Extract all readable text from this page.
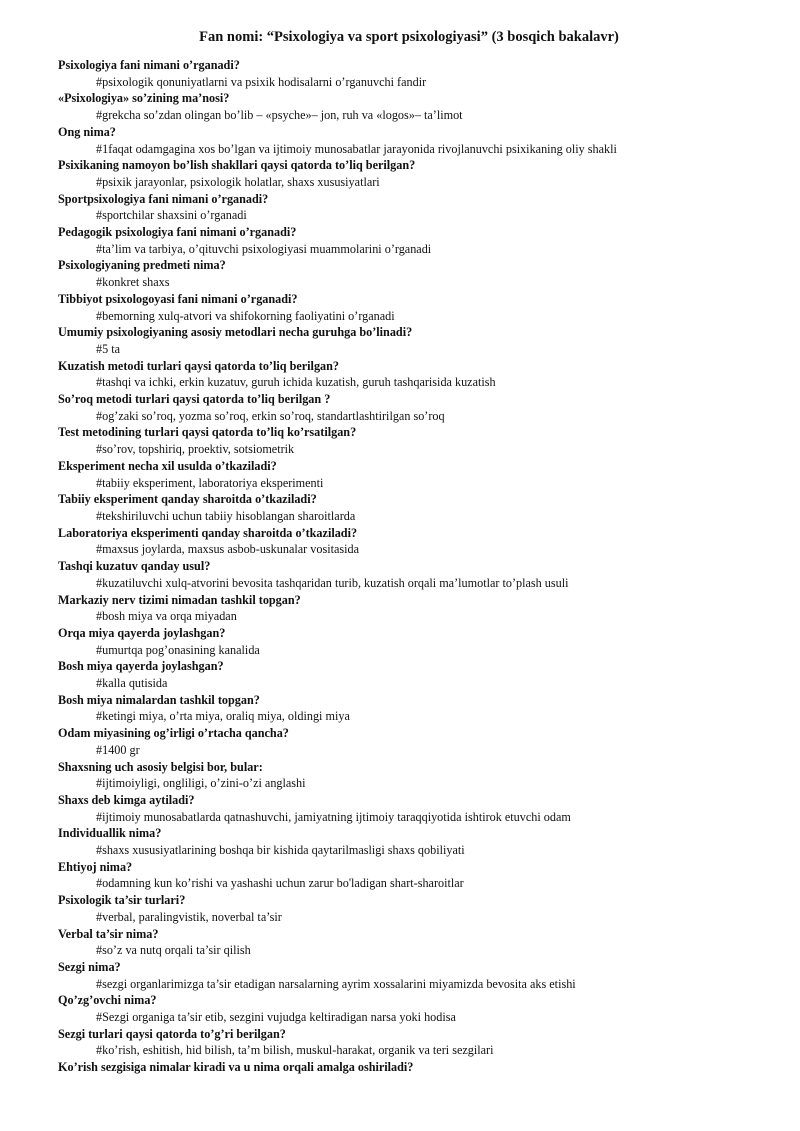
Fan nomi: “Psixologiya va sport psixologiyasi” (3 bosqich bakalavr)
Psixologiya fani nimani o’rganadi?
#psixologik qonuniyatlarni va psixik hodisalarni o’rganuvchi fandir
«Psixologiya» so’zining ma’nosi?
#grekcha so’zdan olingan bo’lib – «psyche»– jon, ruh va «logos»– ta’limot
Ong nima?
#1faqat odamgagina xos bo’lgan va ijtimoiy munosabatlar jarayonida rivojlanuvchi psixikaning oliy shakli
Psixikaning namoyon bo’lish shakllari qaysi qatorda to’liq berilgan?
#psixik jarayonlar, psixologik holatlar, shaxs xususiyatlari
Sportpsixologiya fani nimani o’rganadi?
#sportchilar shaxsini o’rganadi
Pedagogik psixologiya fani nimani o’rganadi?
#ta’lim va tarbiya, o’qituvchi psixologiyasi muammolarini o’rganadi
Psixologiyaning predmeti nima?
#konkret shaxs
Tibbiyot psixologoyasi fani nimani o’rganadi?
#bemorning xulq-atvori va shifokorning faoliyatini o’rganadi
Umumiy psixologiyaning asosiy metodlari necha guruhga bo’linadi?
#5 ta
Kuzatish metodi turlari qaysi qatorda to’liq berilgan?
#tashqi va ichki, erkin kuzatuv, guruh ichida kuzatish, guruh tashqarisida kuzatish
So’roq metodi turlari qaysi qatorda to’liq berilgan ?
#og’zaki so’roq, yozma so’roq, erkin so’roq, standartlashtirilgan so’roq
Test metodining turlari qaysi qatorda to’liq ko’rsatilgan?
#so’rov, topshiriq, proektiv, sotsiometrik
Eksperiment necha xil usulda o’tkaziladi?
#tabiiy eksperiment, laboratoriya eksperimenti
Tabiiy eksperiment qanday sharoitda o’tkaziladi?
#tekshiriluvchi uchun tabiiy hisoblangan sharoitlarda
Laboratoriya eksperimenti qanday sharoitda o’tkaziladi?
#maxsus joylarda, maxsus asbob-uskunalar vositasida
Tashqi kuzatuv qanday usul?
#kuzatiluvchi xulq-atvorini bevosita tashqaridan turib, kuzatish orqali ma’lumotlar to’plash usuli
Markaziy nerv tizimi nimadan tashkil topgan?
#bosh miya va orqa miyadan
Orqa miya qayerda joylashgan?
#umurtqa pog’onasining kanalida
Bosh miya qayerda joylashgan?
#kalla qutisida
Bosh miya nimalardan tashkil topgan?
#ketingi miya, o’rta miya, oraliq miya, oldingi miya
Odam miyasining og’irligi o’rtacha qancha?
#1400 gr
Shaxsning uch asosiy belgisi bor, bular:
#ijtimoiyligi, ongliligi, o’zini-o’zi anglashi
Shaxs deb kimga aytiladi?
#ijtimoiy munosabatlarda qatnashuvchi, jamiyatning ijtimoiy taraqqiyotida ishtirok etuvchi odam
Individuallik nima?
#shaxs xususiyatlarining boshqa bir kishida qaytarilmasligi shaxs qobiliyati
Ehtiyoj nima?
#odamning kun ko’rishi va yashashi uchun zarur bo'ladigan shart-sharoitlar
Psixologik ta’sir turlari?
#verbal, paralingvistik, noverbal ta’sir
Verbal ta’sir nima?
#so’z va nutq orqali ta’sir qilish
Sezgi nima?
#sezgi organlarimizga ta’sir etadigan narsalarning ayrim xossalarini miyamizda bevosita aks etishi
Qo’zg’ovchi nima?
#Sezgi organiga ta’sir etib, sezgini vujudga keltiradigan narsa yoki hodisa
Sezgi turlari qaysi qatorda to’g’ri berilgan?
#ko’rish, eshitish, hid bilish, ta’m bilish, muskul-harakat, organik va teri sezgilari
Ko’rish sezgisiga nimalar kiradi va u nima orqali amalga oshiriladi?
